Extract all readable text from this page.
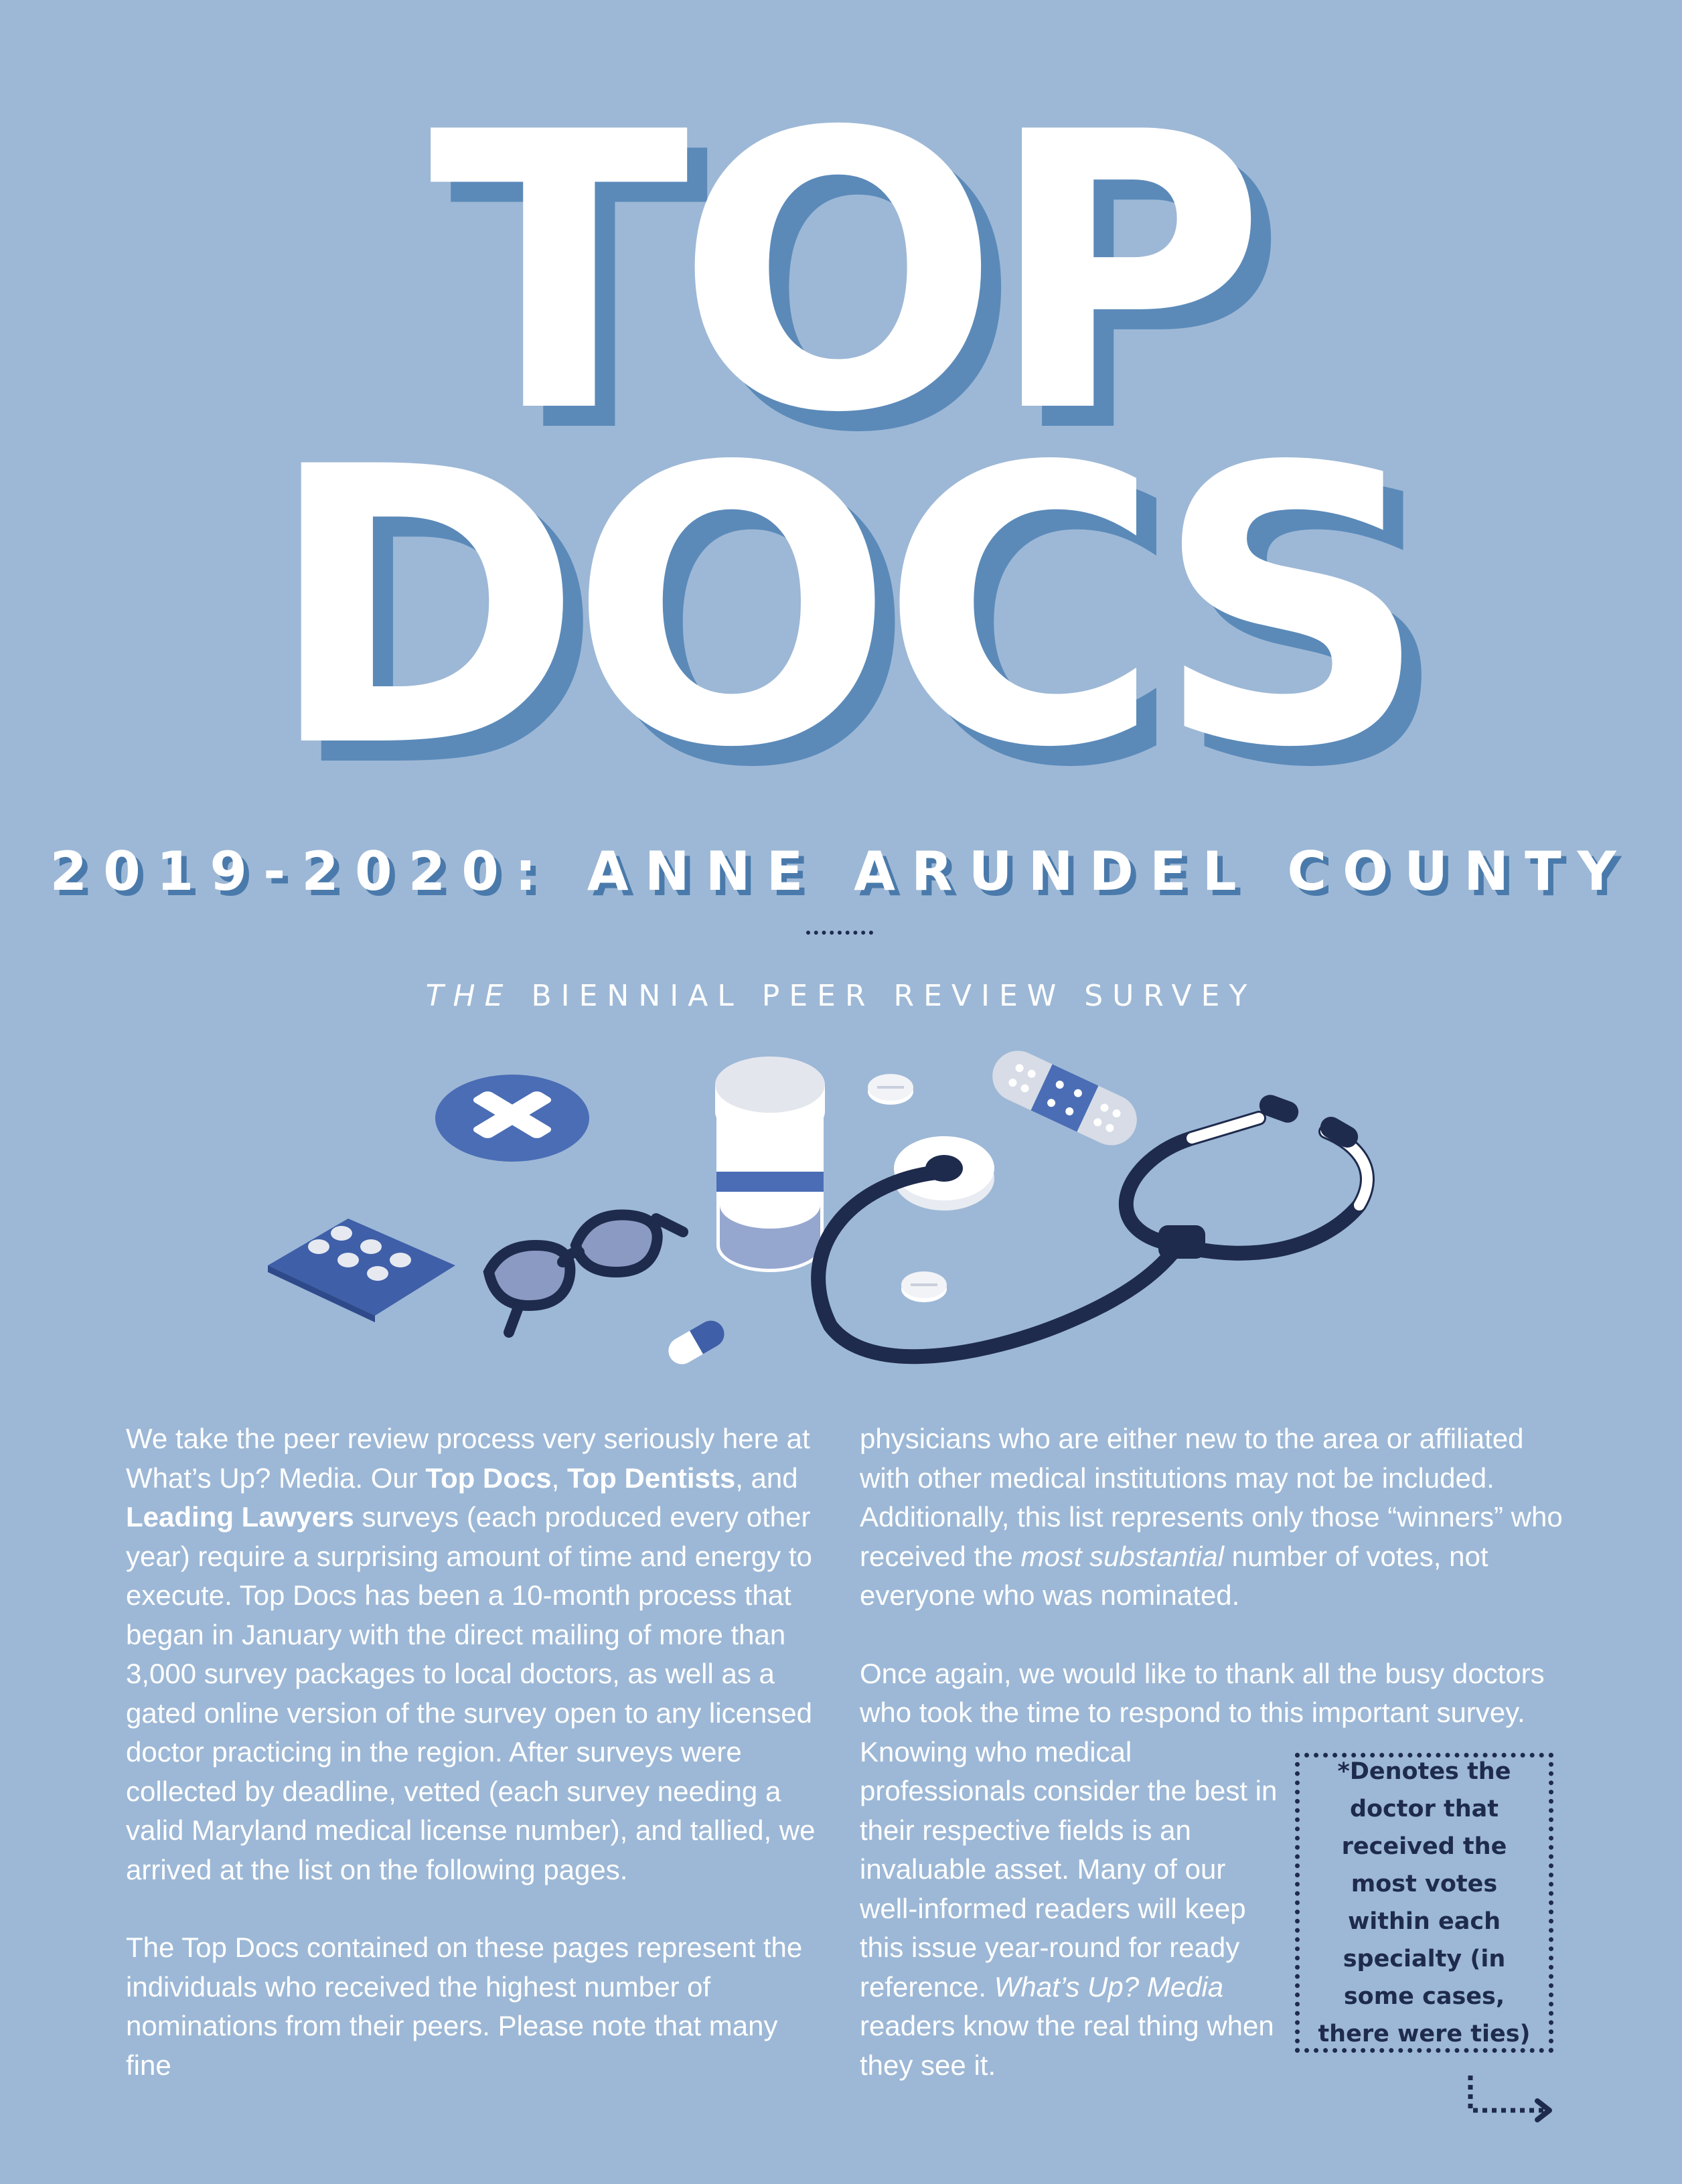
TOP
DOCS
2019-2020: ANNE ARUNDEL COUNTY
THE BIENNIAL PEER REVIEW SURVEY

We take the peer review process very seriously here at What’s Up? Media. Our Top Docs, Top Dentists, and Leading Lawyers surveys (each produced every other year) require a surprising amount of time and energy to execute. Top Docs has been a 10-month process that began in January with the direct mailing of more than 3,000 survey packages to local doctors, as well as a gated online version of the survey open to any licensed doctor practicing in the region. After surveys were collected by deadline, vetted (each survey needing a valid Maryland medical license number), and tallied, we arrived at the list on the following pages.

The Top Docs contained on these pages represent the individuals who received the highest number of nominations from their peers. Please note that many fine

physicians who are either new to the area or affiliated with other medical institutions may not be included. Additionally, this list represents only those “winners” who received the most substantial number of votes, not everyone who was nominated.

Once again, we would like to thank all the busy doctors who took the time to respond to this important survey.
Knowing who medical professionals consider the best in their respective fields is an invaluable asset. Many of our well-informed readers will keep this issue year-round for ready reference. What’s Up? Media readers know the real thing when they see it.
*Denotes the doctor that received the most votes within each specialty (in some cases, there were ties)
